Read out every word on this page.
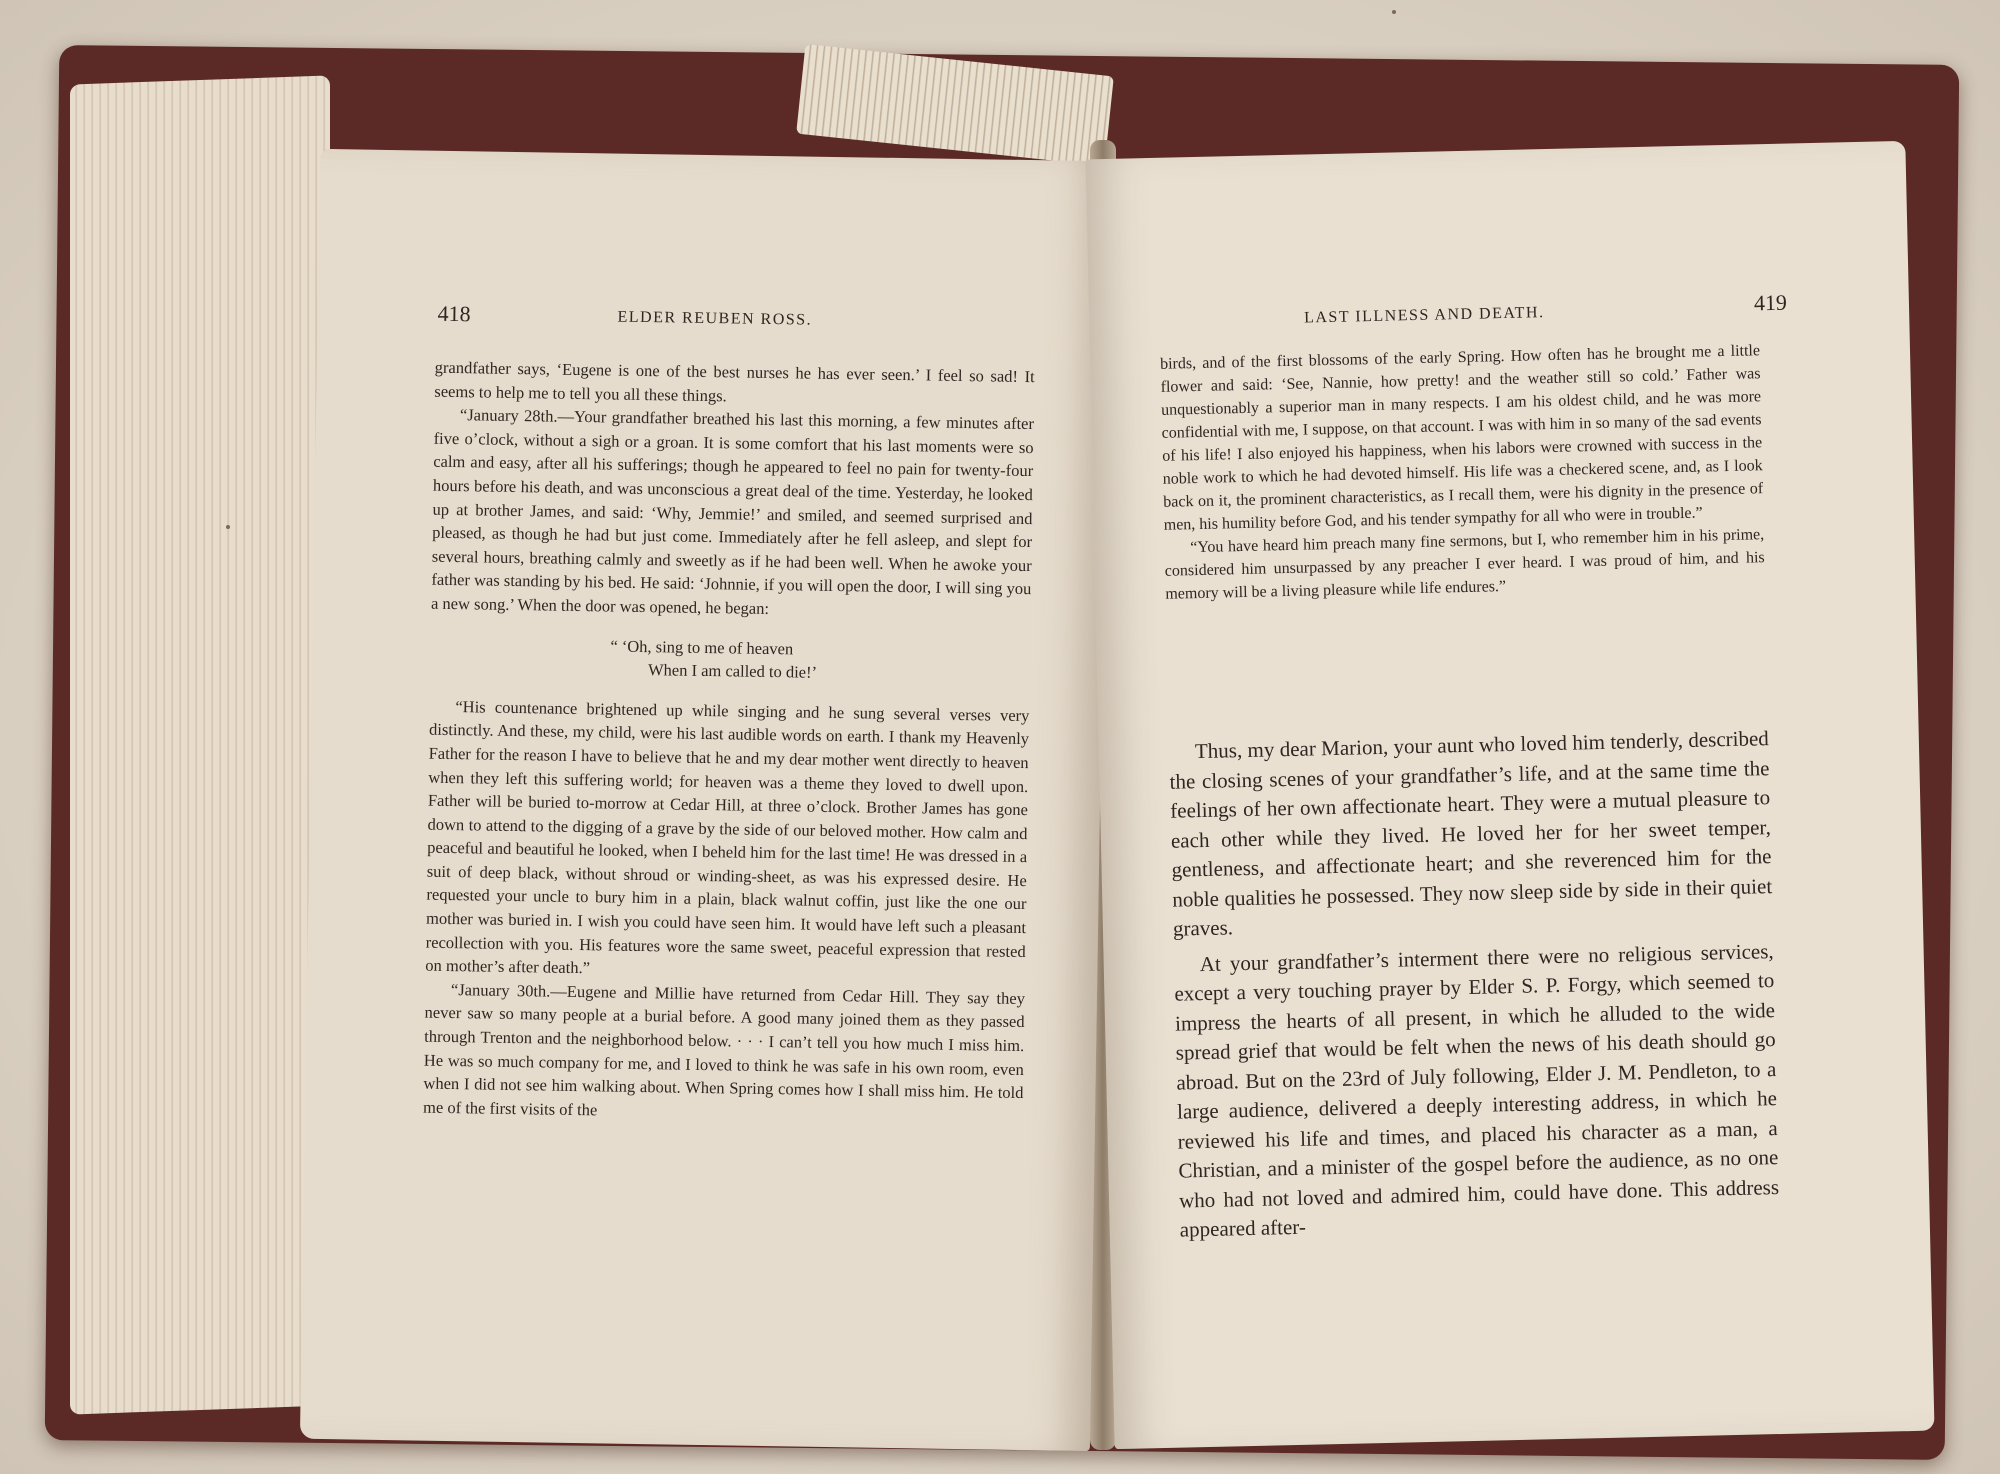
418	ELDER REUBEN ROSS.

grandfather says, ‘Eugene is one of the best nurses he has ever seen.’ I feel so sad! It seems to help me to tell you all these things.

“January 28th.—Your grandfather breathed his last this morning, a few minutes after five o’clock, without a sigh or a groan. It is some comfort that his last moments were so calm and easy, after all his sufferings; though he appeared to feel no pain for twenty-four hours before his death, and was unconscious a great deal of the time. Yesterday, he looked up at brother James, and said: ‘Why, Jemmie!’ and smiled, and seemed surprised and pleased, as though he had but just come. Immediately after he fell asleep, and slept for several hours, breathing calmly and sweetly as if he had been well. When he awoke your father was standing by his bed. He said: ‘Johnnie, if you will open the door, I will sing you a new song.’ When the door was opened, he began:

“ ‘Oh, sing to me of heaven
When I am called to die!’

“His countenance brightened up while singing and he sung several verses very distinctly. And these, my child, were his last audible words on earth. I thank my Heavenly Father for the reason I have to believe that he and my dear mother went directly to heaven when they left this suffering world; for heaven was a theme they loved to dwell upon. Father will be buried to-morrow at Cedar Hill, at three o’clock. Brother James has gone down to attend to the digging of a grave by the side of our beloved mother. How calm and peaceful and beautiful he looked, when I beheld him for the last time! He was dressed in a suit of deep black, without shroud or winding-sheet, as was his expressed desire. He requested your uncle to bury him in a plain, black walnut coffin, just like the one our mother was buried in. I wish you could have seen him. It would have left such a pleasant recollection with you. His features wore the same sweet, peaceful expression that rested on mother’s after death.”

“January 30th.—Eugene and Millie have returned from Cedar Hill. They say they never saw so many people at a burial before. A good many joined them as they passed through Trenton and the neighborhood below. · · · I can’t tell you how much I miss him. He was so much company for me, and I loved to think he was safe in his own room, even when I did not see him walking about. When Spring comes how I shall miss him. He told me of the first visits of the

LAST ILLNESS AND DEATH.	419

birds, and of the first blossoms of the early Spring. How often has he brought me a little flower and said: ‘See, Nannie, how pretty! and the weather still so cold.’ Father was unquestionably a superior man in many respects. I am his oldest child, and he was more confidential with me, I suppose, on that account. I was with him in so many of the sad events of his life! I also enjoyed his happiness, when his labors were crowned with success in the noble work to which he had devoted himself. His life was a checkered scene, and, as I look back on it, the prominent characteristics, as I recall them, were his dignity in the presence of men, his humility before God, and his tender sympathy for all who were in trouble.”

“You have heard him preach many fine sermons, but I, who remember him in his prime, considered him unsurpassed by any preacher I ever heard. I was proud of him, and his memory will be a living pleasure while life endures.”

Thus, my dear Marion, your aunt who loved him tenderly, described the closing scenes of your grandfather’s life, and at the same time the feelings of her own affectionate heart. They were a mutual pleasure to each other while they lived. He loved her for her sweet temper, gentleness, and affectionate heart; and she reverenced him for the noble qualities he possessed. They now sleep side by side in their quiet graves.

At your grandfather’s interment there were no religious services, except a very touching prayer by Elder S. P. Forgy, which seemed to impress the hearts of all present, in which he alluded to the wide spread grief that would be felt when the news of his death should go abroad. But on the 23rd of July following, Elder J. M. Pendleton, to a large audience, delivered a deeply interesting address, in which he reviewed his life and times, and placed his character as a man, a Christian, and a minister of the gospel before the audience, as no one who had not loved and admired him, could have done. This address appeared after-
